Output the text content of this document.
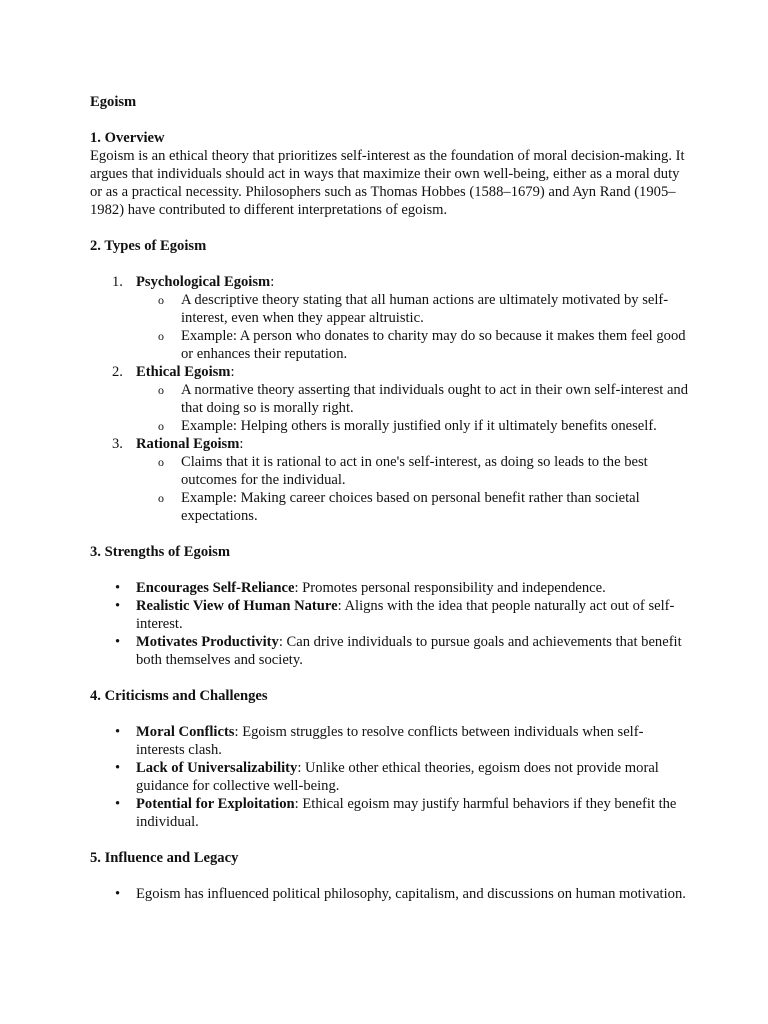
Egoism
1. Overview
Egoism is an ethical theory that prioritizes self-interest as the foundation of moral decision-making. It argues that individuals should act in ways that maximize their own well-being, either as a moral duty or as a practical necessity. Philosophers such as Thomas Hobbes (1588–1679) and Ayn Rand (1905–1982) have contributed to different interpretations of egoism.
2. Types of Egoism
1. Psychological Egoism:
o A descriptive theory stating that all human actions are ultimately motivated by self-interest, even when they appear altruistic.
o Example: A person who donates to charity may do so because it makes them feel good or enhances their reputation.
2. Ethical Egoism:
o A normative theory asserting that individuals ought to act in their own self-interest and that doing so is morally right.
o Example: Helping others is morally justified only if it ultimately benefits oneself.
3. Rational Egoism:
o Claims that it is rational to act in one's self-interest, as doing so leads to the best outcomes for the individual.
o Example: Making career choices based on personal benefit rather than societal expectations.
3. Strengths of Egoism
• Encourages Self-Reliance: Promotes personal responsibility and independence.
• Realistic View of Human Nature: Aligns with the idea that people naturally act out of self-interest.
• Motivates Productivity: Can drive individuals to pursue goals and achievements that benefit both themselves and society.
4. Criticisms and Challenges
• Moral Conflicts: Egoism struggles to resolve conflicts between individuals when self-interests clash.
• Lack of Universalizability: Unlike other ethical theories, egoism does not provide moral guidance for collective well-being.
• Potential for Exploitation: Ethical egoism may justify harmful behaviors if they benefit the individual.
5. Influence and Legacy
• Egoism has influenced political philosophy, capitalism, and discussions on human motivation.
